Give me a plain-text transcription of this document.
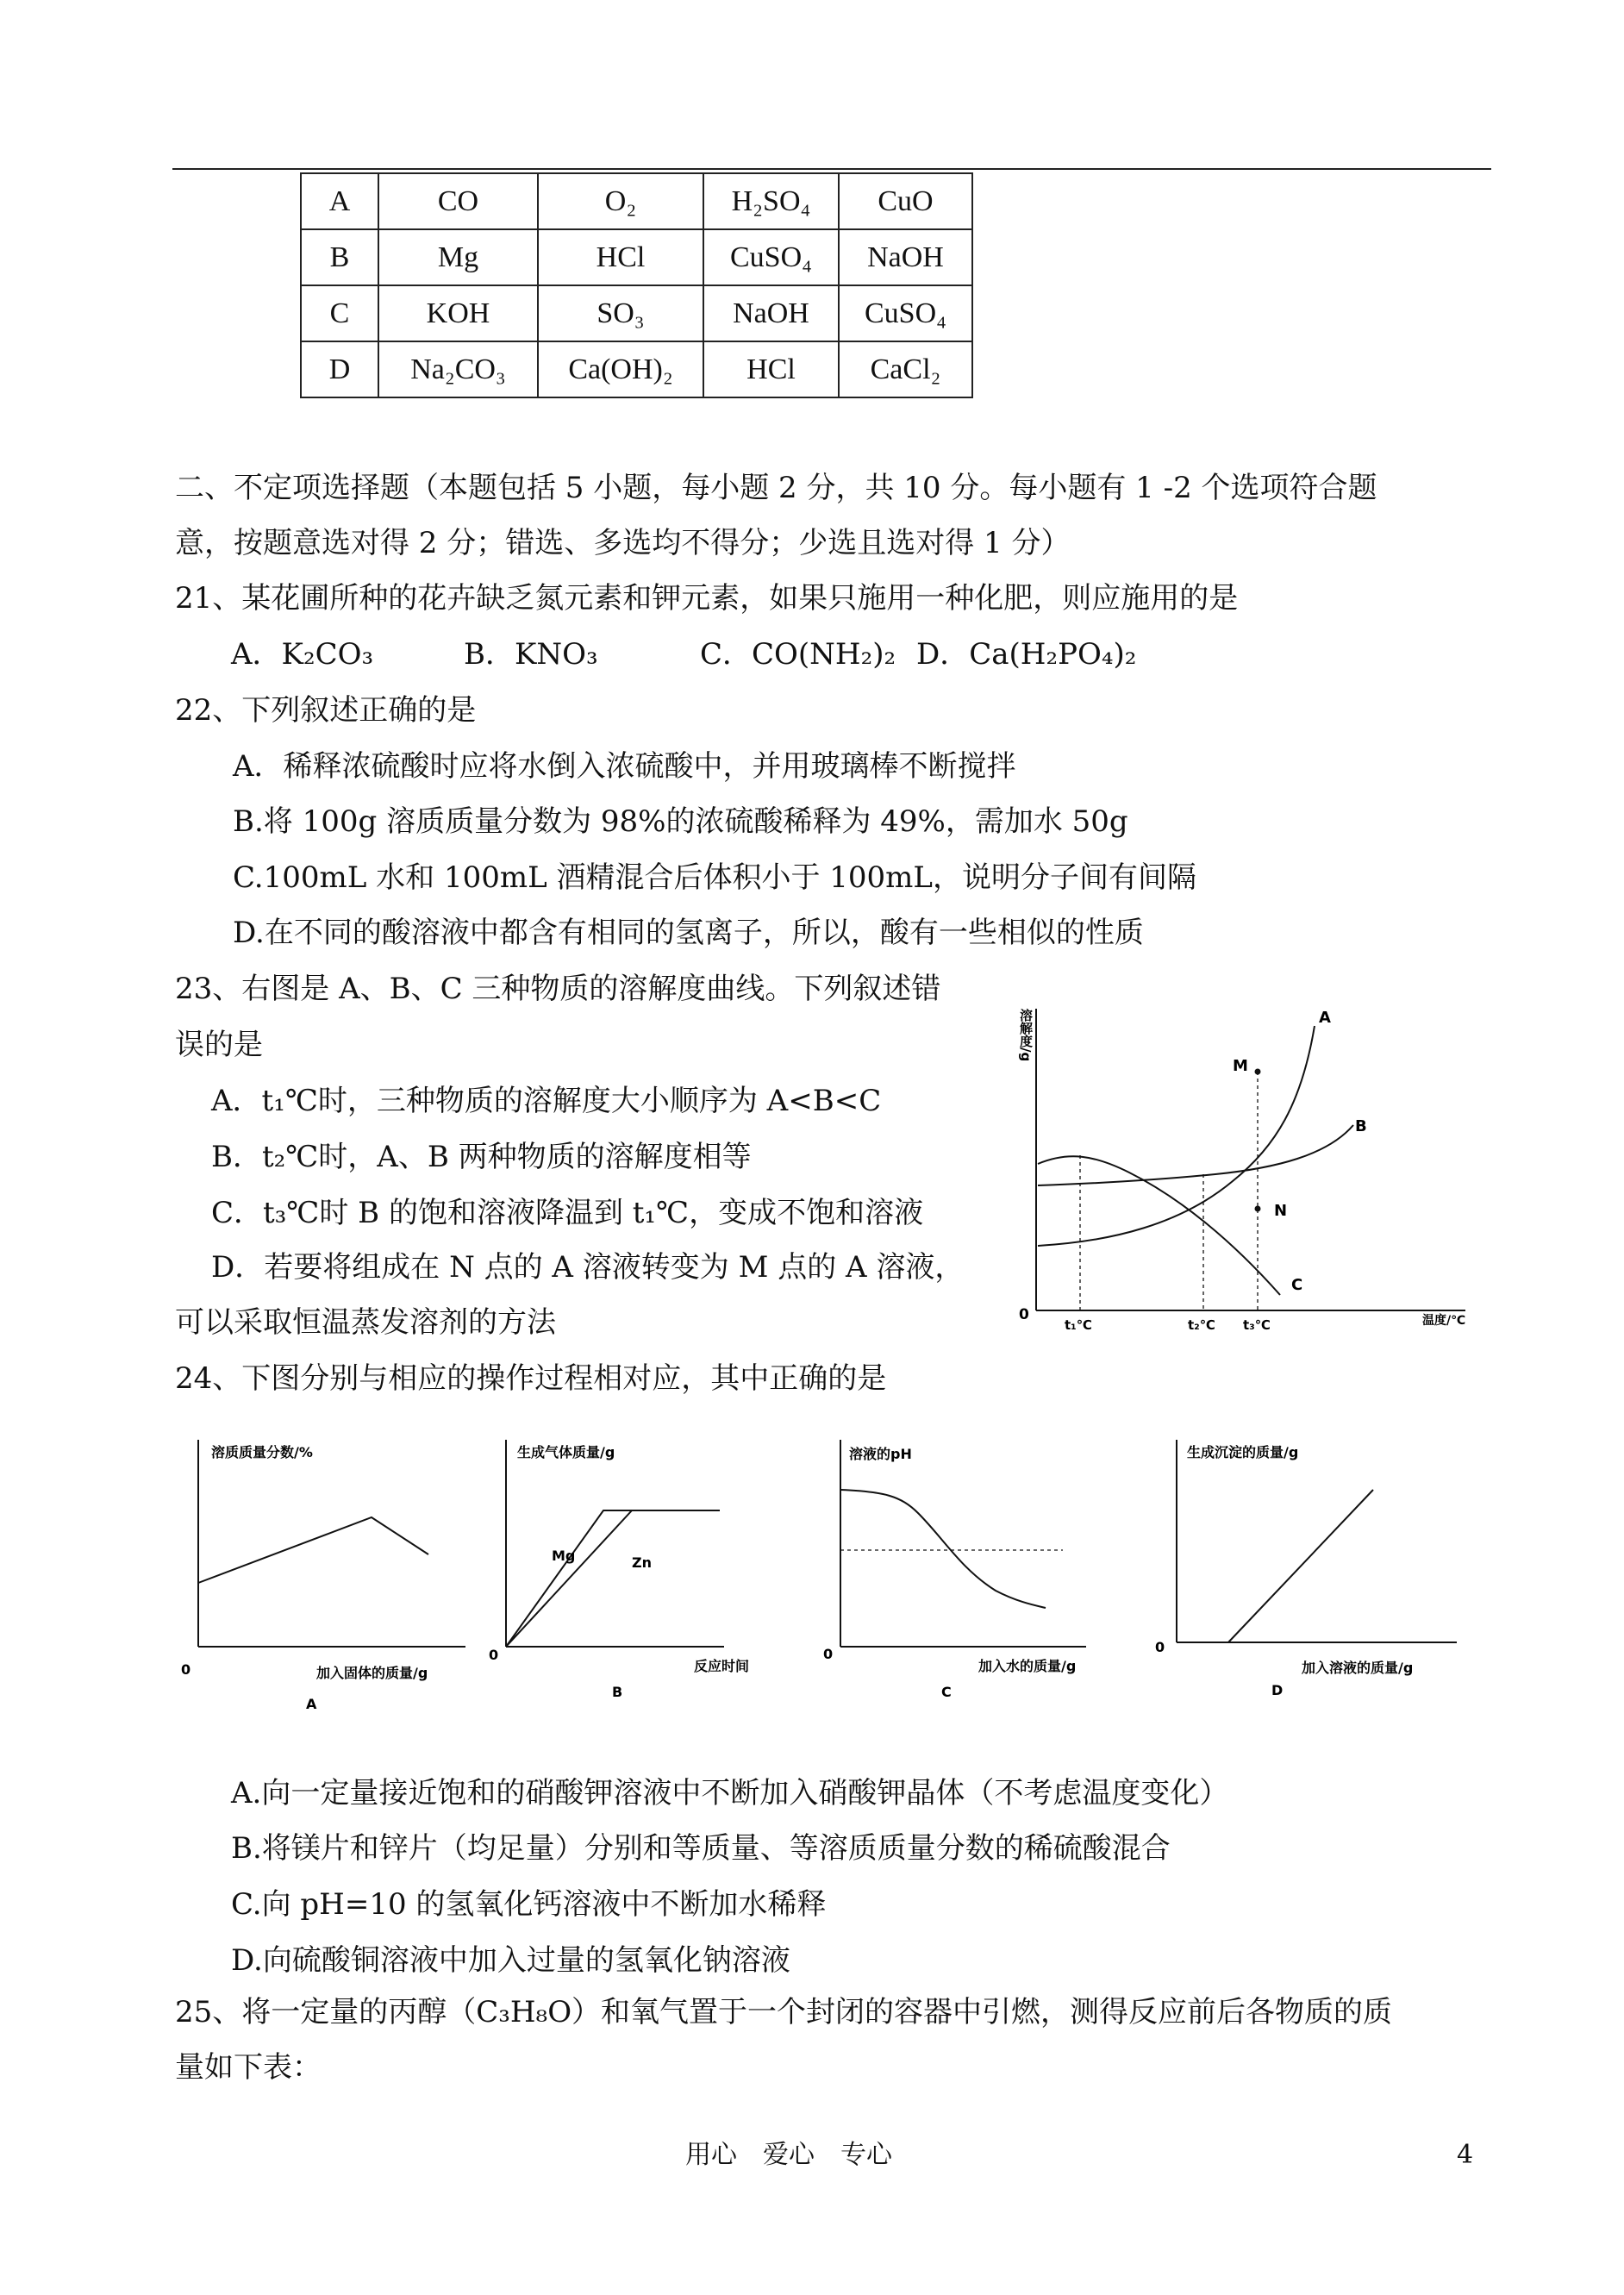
A	CO	O₂	H₂SO₄	CuO
B	Mg	HCl	CuSO₄	NaOH
C	KOH	SO₃	NaOH	CuSO₄
D	Na₂CO₃	Ca(OH)₂	HCl	CaCl₂
二、不定项选择题（本题包括 5 小题，每小题 2 分，共 10 分。每小题有 1 -2 个选项符合题
意，按题意选对得 2 分；错选、多选均不得分；少选且选对得 1 分）
21、某花圃所种的花卉缺乏氮元素和钾元素，如果只施用一种化肥，则应施用的是
A．K₂CO₃	B．KNO₃	C．CO(NH₂)₂ D．Ca(H₂PO₄)₂
22、下列叙述正确的是
A．稀释浓硫酸时应将水倒入浓硫酸中，并用玻璃棒不断搅拌
B.将 100g 溶质质量分数为 98%的浓硫酸稀释为 49%，需加水 50g
C.100mL 水和 100mL 酒精混合后体积小于 100mL，说明分子间有间隔
D.在不同的酸溶液中都含有相同的氢离子，所以，酸有一些相似的性质
23、右图是 A、B、C 三种物质的溶解度曲线。下列叙述错
误的是
A．t₁℃时，三种物质的溶解度大小顺序为 A<B<C
B．t₂℃时，A、B 两种物质的溶解度相等
C．t₃℃时 B 的饱和溶液降温到 t₁℃，变成不饱和溶液
D．若要将组成在 N 点的 A 溶液转变为 M 点的 A 溶液，
可以采取恒温蒸发溶剂的方法
溶解度/g
0	温度/℃
M
N
A
B
C
t₁℃	t₂℃ t₃℃
24、下图分别与相应的操作过程相对应，其中正确的是
溶质质量分数/%
0	加入固体的质量/g
A
生成气体质量/g
0
反应时间
Mg	Zn
B
溶液的pH
0
加入水的质量/g
C
生成沉淀的质量/g
0
加入溶液的质量/g
D
A.向一定量接近饱和的硝酸钾溶液中不断加入硝酸钾晶体（不考虑温度变化）
B.将镁片和锌片（均足量）分别和等质量、等溶质质量分数的稀硫酸混合
C.向 pH=10 的氢氧化钙溶液中不断加水稀释
D.向硫酸铜溶液中加入过量的氢氧化钠溶液
25、将一定量的丙醇（C₃H₈O）和氧气置于一个封闭的容器中引燃，测得反应前后各物质的质
量如下表：
用心　爱心　专心	4
